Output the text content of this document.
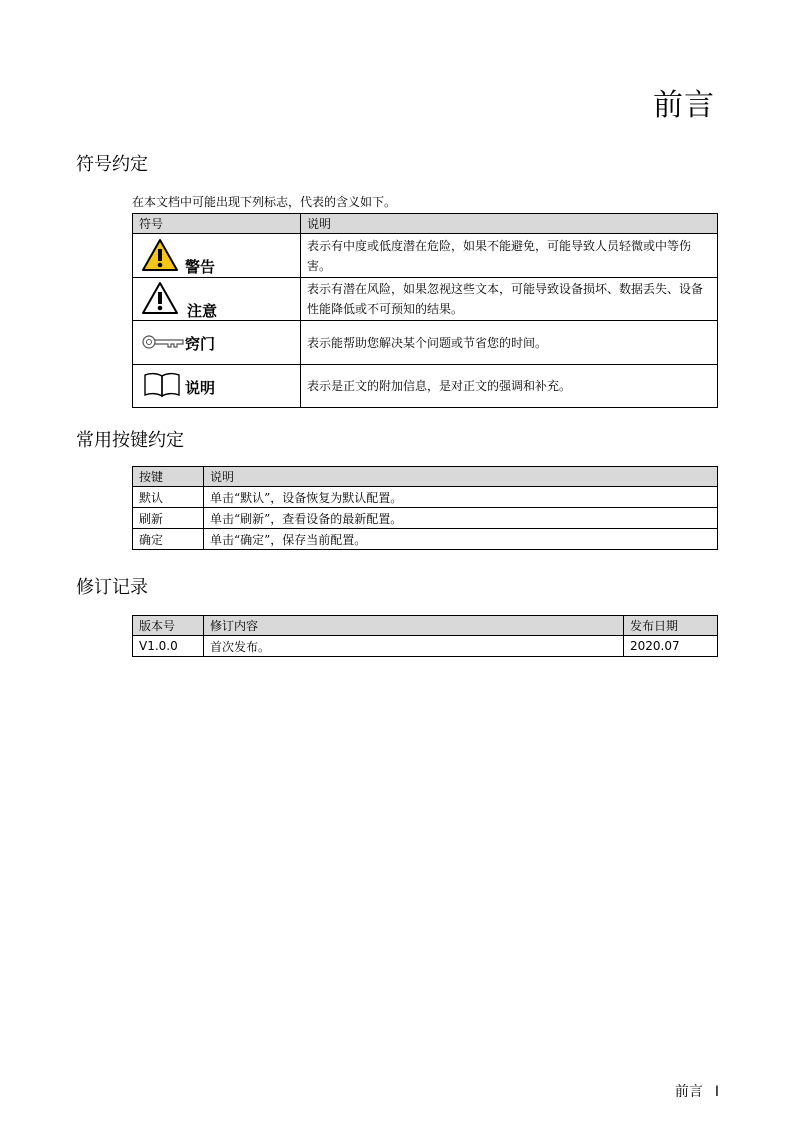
前言
符号约定
在本文档中可能出现下列标志，代表的含义如下。
符号	说明

警告	表示有中度或低度潜在危险，如果不能避免，可能导致人员轻微或中等伤害。

注意	表示有潜在风险，如果忽视这些文本，可能导致设备损坏、数据丢失、设备性能降低或不可预知的结果。

窍门	表示能帮助您解决某个问题或节省您的时间。

说明	表示是正文的附加信息，是对正文的强调和补充。
常用按键约定
按键	说明
默认	单击“默认”，设备恢复为默认配置。
刷新	单击“刷新”，查看设备的最新配置。
确定	单击“确定”，保存当前配置。
修订记录
版本号	修订内容	发布日期
V1.0.0	首次发布。	2020.07
前言 I
